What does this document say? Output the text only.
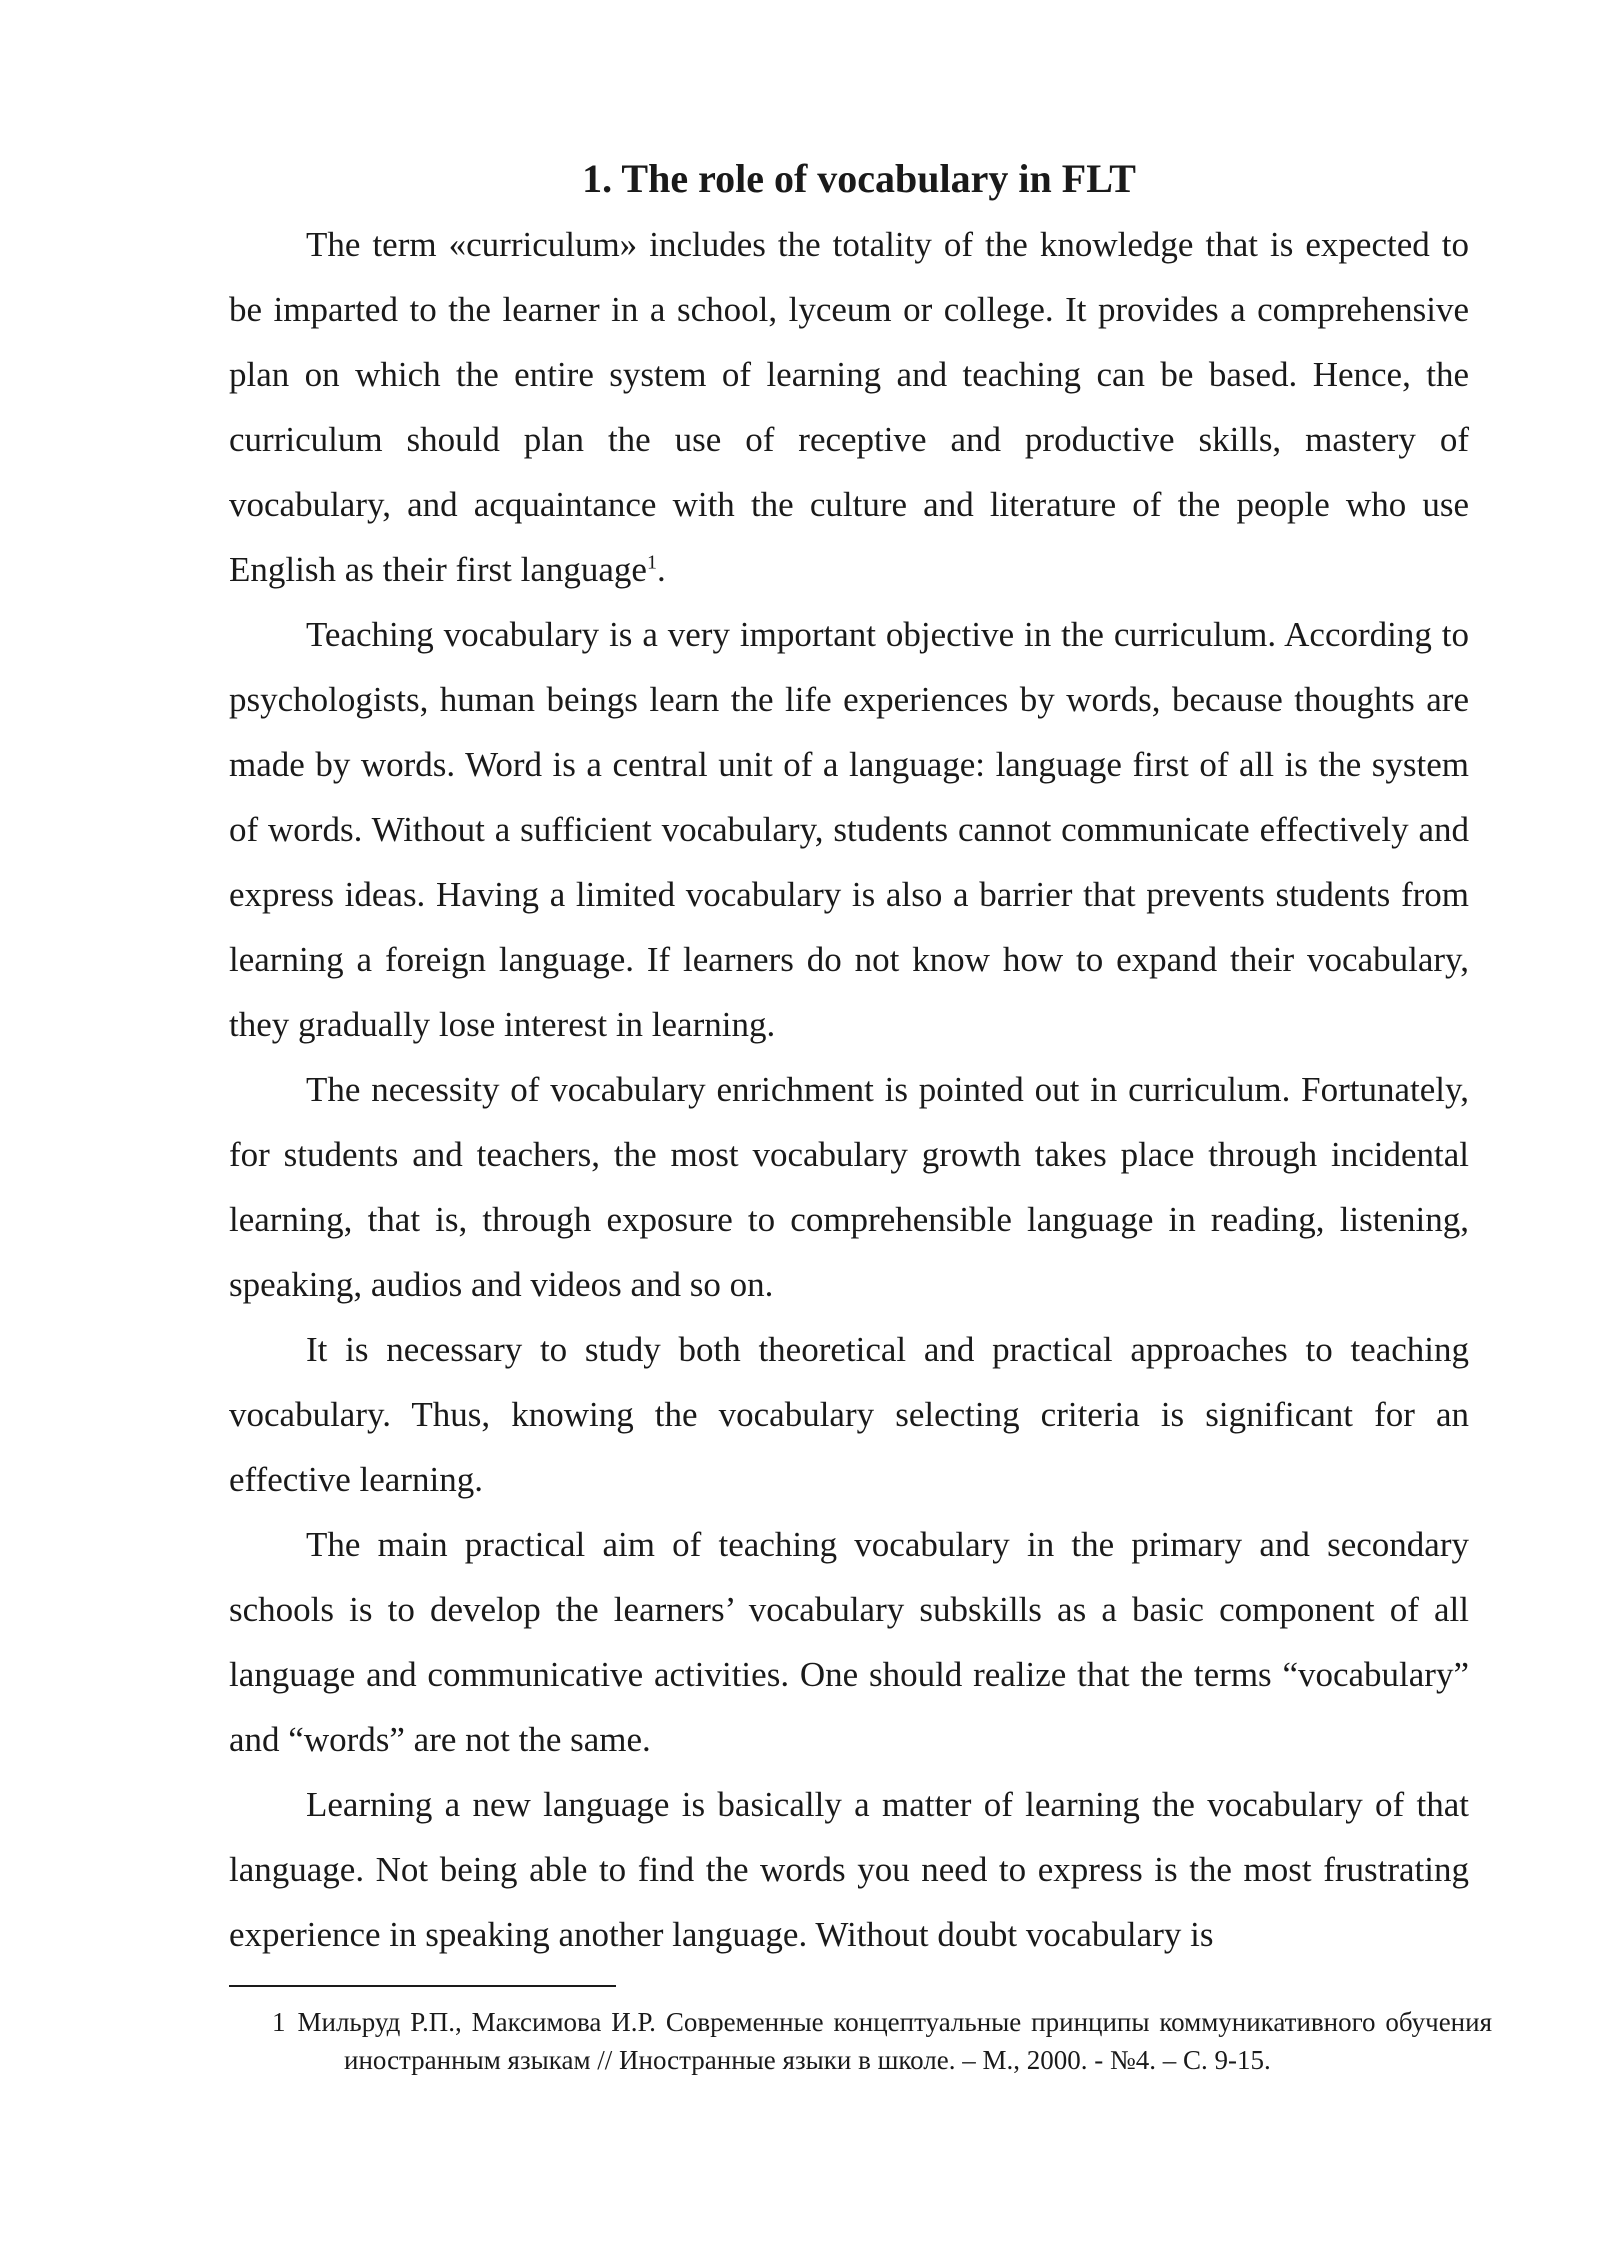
1. The role of vocabulary in FLT

The term «curriculum» includes the totality of the knowledge that is expected to be imparted to the learner in a school, lyceum or college. It provides a comprehensive plan on which the entire system of learning and teaching can be based. Hence, the curriculum should plan the use of receptive and productive skills, mastery of vocabulary, and acquaintance with the culture and literature of the people who use English as their first language$^1$.

Teaching vocabulary is a very important objective in the curriculum. According to psychologists, human beings learn the life experiences by words, because thoughts are made by words. Word is a central unit of a language: language first of all is the system of words. Without a sufficient vocabulary, students cannot communicate effectively and express ideas. Having a limited vocabulary is also a barrier that prevents students from learning a foreign language. If learners do not know how to expand their vocabulary, they gradually lose interest in learning.

The necessity of vocabulary enrichment is pointed out in curriculum. Fortunately, for students and teachers, the most vocabulary growth takes place through incidental learning, that is, through exposure to comprehensible language in reading, listening, speaking, audios and videos and so on.

It is necessary to study both theoretical and practical approaches to teaching vocabulary. Thus, knowing the vocabulary selecting criteria is significant for an effective learning.

The main practical aim of teaching vocabulary in the primary and secondary schools is to develop the learners’ vocabulary subskills as a basic component of all language and communicative activities. One should realize that the terms “vocabulary” and “words” are not the same.

Learning a new language is basically a matter of learning the vocabulary of that language. Not being able to find the words you need to express is the most frustrating experience in speaking another language. Without doubt vocabulary is

1 Мильруд Р.П., Максимова И.Р. Современные концептуальные принципы коммуникативного обучения иностранным языкам // Иностранные языки в школе. – М., 2000. - №4. – С. 9-15.
